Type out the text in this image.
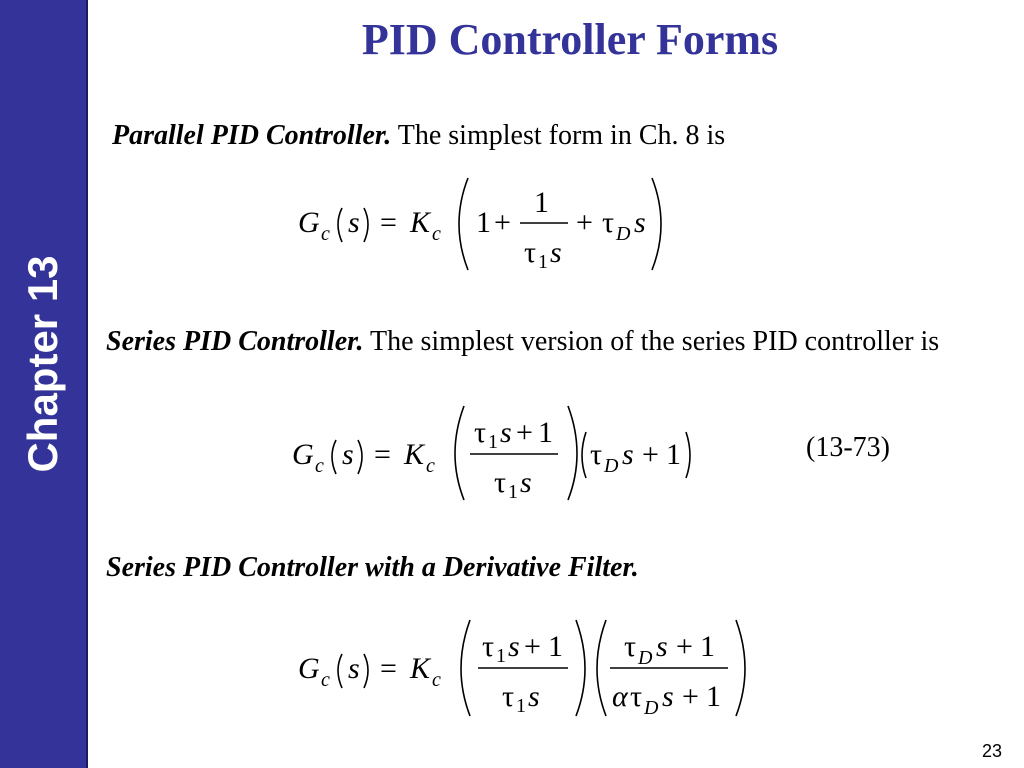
Chapter 13
PID Controller Forms
Parallel PID Controller. The simplest form in Ch. 8 is
G c s = K c 1 +
1
τ 1 s
+ τ D s
Series PID Controller. The simplest version of the series PID controller is
G c s = K c
τ 1 s + 1
τ 1 s
τ D s + 1	(13-73)
Series PID Controller with a Derivative Filter.
G c s = K c
τ 1 s + 1
τ 1 s
τ D s + 1
α τ D s + 1
23
